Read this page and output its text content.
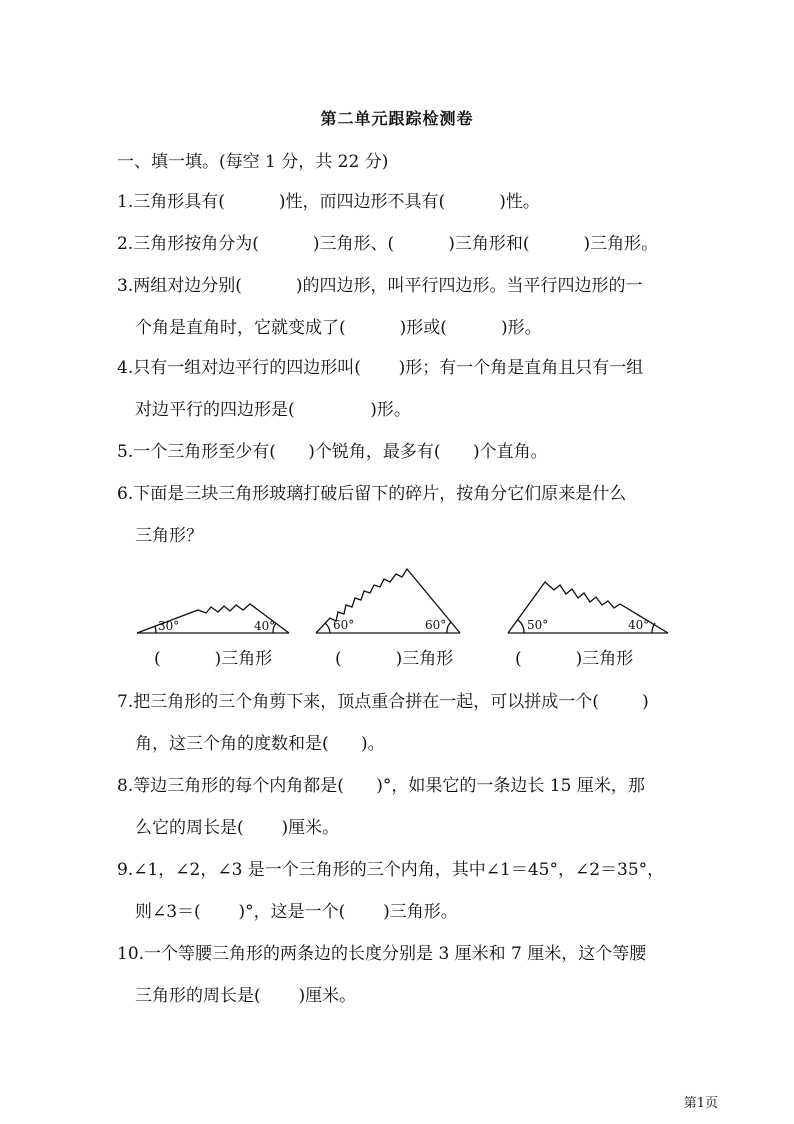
第二单元跟踪检测卷
一、填一填。(每空 1 分，共 22 分)
1.三角形具有(          )性，而四边形不具有(          )性。
2.三角形按角分为(          )三角形、(          )三角形和(          )三角形。
3.两组对边分别(          )的四边形，叫平行四边形。当平行四边形的一
个角是直角时，它就变成了(          )形或(          )形。
4.只有一组对边平行的四边形叫(       )形；有一个角是直角且只有一组
对边平行的四边形是(              )形。
5.一个三角形至少有(      )个锐角，最多有(      )个直角。
6.下面是三块三角形玻璃打破后留下的碎片，按角分它们原来是什么
三角形？
30°	40°	60°	60°	50°	40°
(          )三角形	(          )三角形	(          )三角形
7.把三角形的三个角剪下来，顶点重合拼在一起，可以拼成一个(        )
角，这三个角的度数和是(      )。
8.等边三角形的每个内角都是(      )°，如果它的一条边长 15 厘米，那
么它的周长是(       )厘米。
9.∠1，∠2，∠3 是一个三角形的三个内角，其中∠1＝45°，∠2＝35°，
则∠3＝(       )°，这是一个(       )三角形。
10.一个等腰三角形的两条边的长度分别是 3 厘米和 7 厘米，这个等腰
三角形的周长是(       )厘米。
第1页
